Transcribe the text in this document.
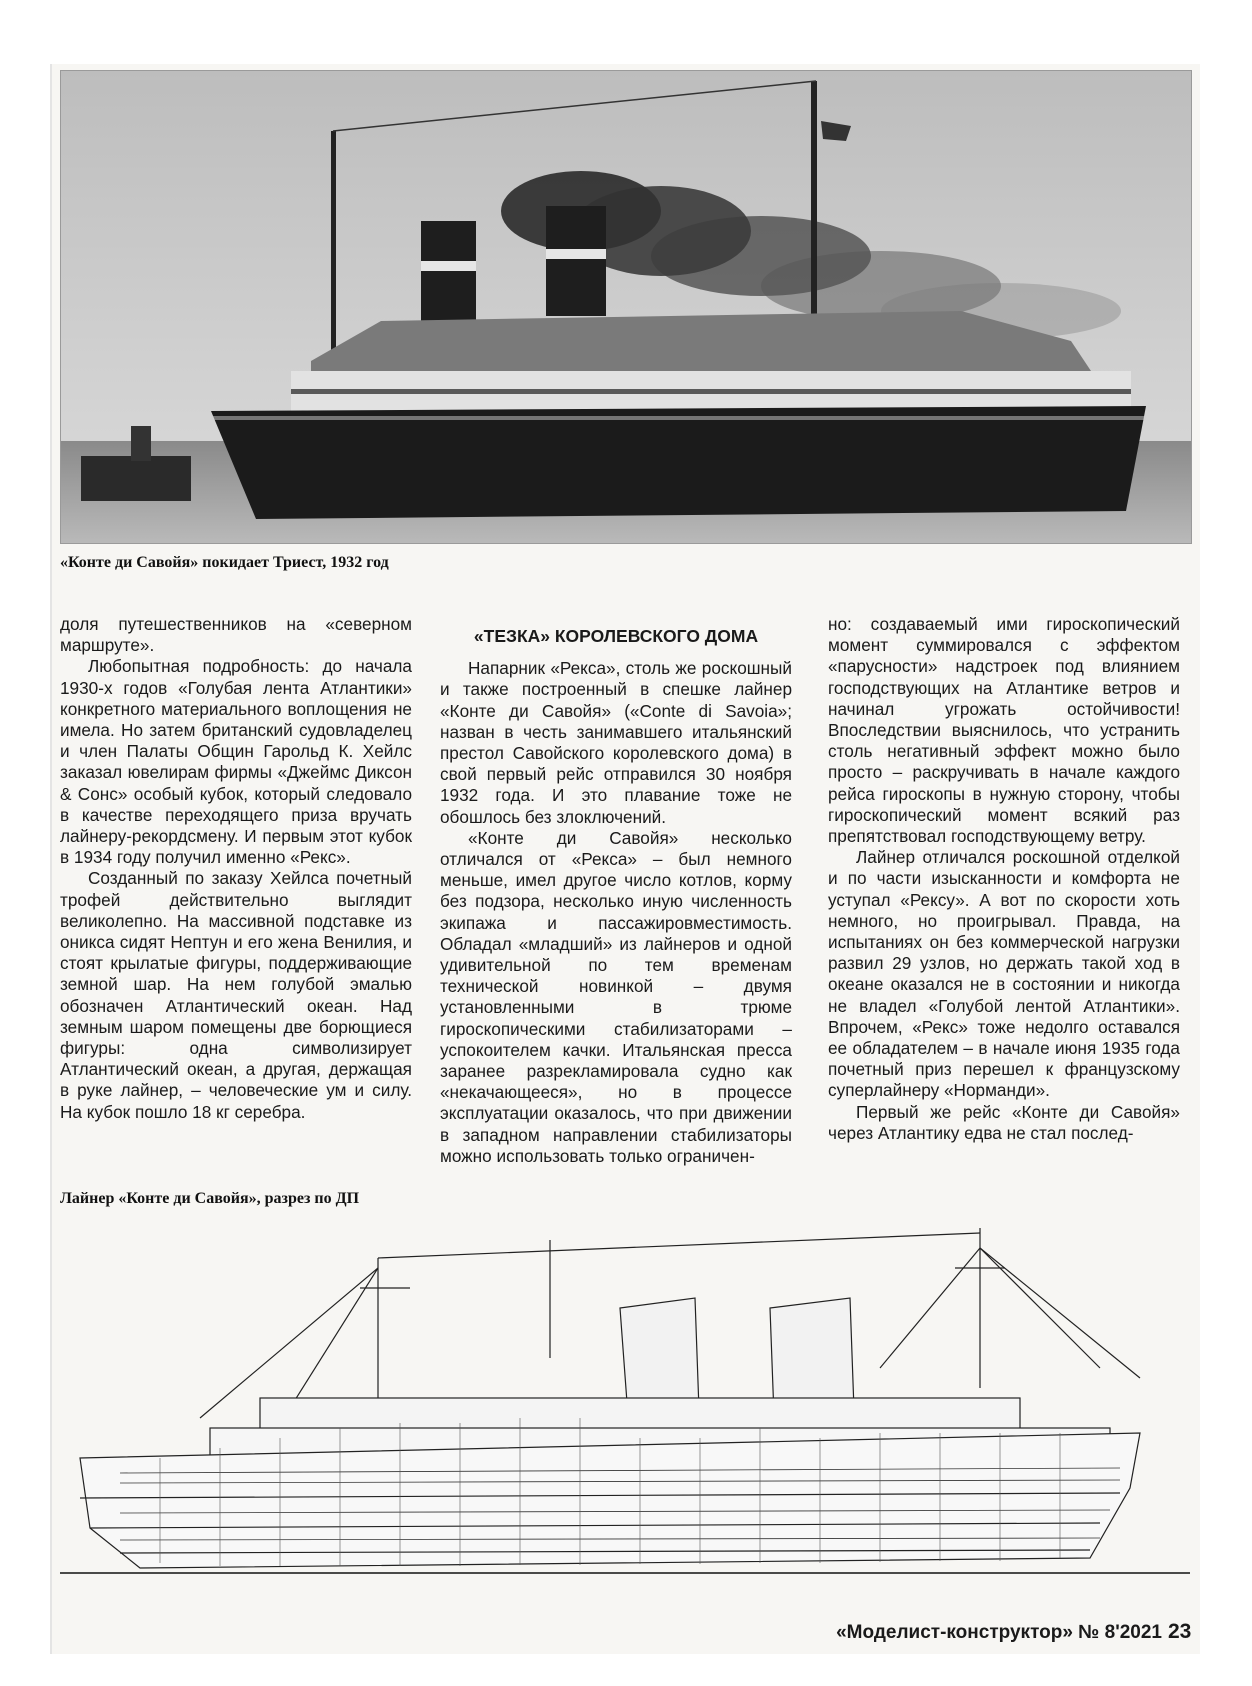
«Конте ди Савойя» покидает Триест, 1932 год

доля путешественников на «северном маршруте».

Любопытная подробность: до начала 1930-х годов «Голубая лента Атлантики» конкретного материального воплощения не имела. Но затем британский судовладелец и член Палаты Общин Гарольд К. Хейлс заказал ювелирам фирмы «Джеймс Диксон & Сонс» особый кубок, который следовало в качестве переходящего приза вручать лайнеру-рекордсмену. И первым этот кубок в 1934 году получил именно «Рекс».

Созданный по заказу Хейлса почетный трофей действительно выглядит великолепно. На массивной подставке из оникса сидят Нептун и его жена Венилия, и стоят крылатые фигуры, поддерживающие земной шар. На нем голубой эмалью обозначен Атлантический океан. Над земным шаром помещены две борющиеся фигуры: одна символизирует Атлантический океан, а другая, держащая в руке лайнер, – человеческие ум и силу. На кубок пошло 18 кг серебра.

«ТЕЗКА» КОРОЛЕВСКОГО ДОМА

Напарник «Рекса», столь же роскошный и также построенный в спешке лайнер «Конте ди Савойя» («Conte di Savoia»; назван в честь занимавшего итальянский престол Савойского королевского дома) в свой первый рейс отправился 30 ноября 1932 года. И это плавание тоже не обошлось без злоключений.

«Конте ди Савойя» несколько отличался от «Рекса» – был немного меньше, имел другое число котлов, корму без подзора, несколько иную численность экипажа и пассажировместимость. Обладал «младший» из лайнеров и одной удивительной по тем временам технической новинкой – двумя установленными в трюме гироскопическими стабилизаторами – успокоителем качки. Итальянская пресса заранее разрекламировала судно как «некачающееся», но в процессе эксплуатации оказалось, что при движении в западном направлении стабилизаторы можно использовать только ограничен-

но: создаваемый ими гироскопический момент суммировался с эффектом «парусности» надстроек под влиянием господствующих на Атлантике ветров и начинал угрожать остойчивости! Впоследствии выяснилось, что устранить столь негативный эффект можно было просто – раскручивать в начале каждого рейса гироскопы в нужную сторону, чтобы гироскопический момент всякий раз препятствовал господствующему ветру.

Лайнер отличался роскошной отделкой и по части изысканности и комфорта не уступал «Рексу». А вот по скорости хоть немного, но проигрывал. Правда, на испытаниях он без коммерческой нагрузки развил 29 узлов, но держать такой ход в океане оказался не в состоянии и никогда не владел «Голубой лентой Атлантики». Впрочем, «Рекс» тоже недолго оставался ее обладателем – в начале июня 1935 года почетный приз перешел к французскому суперлайнеру «Норманди».

Первый же рейс «Конте ди Савойя» через Атлантику едва не стал послед-

Лайнер «Конте ди Савойя», разрез по ДП
«Моделист-конструктор» № 8'2021 23
